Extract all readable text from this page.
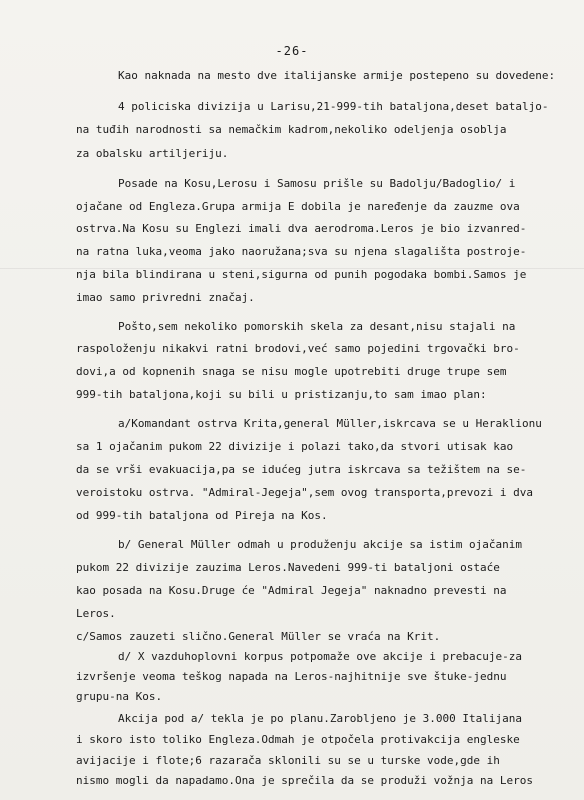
-26-
Kao naknada na mesto dve italijanske armije postepeno su dovedene:
4 policiska divizija u Larisu,21-999-tih bataljona,deset bataljo-
na tuđih narodnosti sa nemačkim kadrom,nekoliko odeljenja osoblja
za obalsku artiljeriju.
Posade na Kosu,Lerosu i Samosu prišle su Badolju/Badoglio/ i
ojačane od Engleza.Grupa armija E dobila je naređenje da zauzme ova
ostrva.Na Kosu su Englezi imali dva aerodroma.Leros je bio izvanred-
na ratna luka,veoma jako naoružana;sva su njena slagališta postroje-
nja bila blindirana u steni,sigurna od punih pogodaka bombi.Samos je
imao samo privredni značaj.
Pošto,sem nekoliko pomorskih skela za desant,nisu stajali na
raspoloženju nikakvi ratni brodovi,već samo pojedini trgovački bro-
dovi,a od kopnenih snaga se nisu mogle upotrebiti druge trupe sem
999-tih bataljona,koji su bili u pristizanju,to sam imao plan:
a/Komandant ostrva Krita,general Müller,iskrcava se u Heraklionu
sa 1 ojačanim pukom 22 divizije i polazi tako,da stvori utisak kao
da se vrši evakuacija,pa se idućeg jutra iskrcava sa težištem na se-
veroistoku ostrva. "Admiral-Jegeja",sem ovog transporta,prevozi i dva
od 999-tih bataljona od Pireja na Kos.
b/ General Müller odmah u produženju akcije sa istim ojačanim
pukom 22 divizije zauzima Leros.Navedeni 999-ti bataljoni ostaće
kao posada na Kosu.Druge će "Admiral Jegeja" naknadno prevesti na
Leros.
c/Samos zauzeti slično.General Müller se vraća na Krit.
d/ X vazduhoplovni korpus potpomaže ove akcije i prebacuje-za
izvršenje veoma teškog napada na Leros-najhitnije sve štuke-jednu
grupu-na Kos.
Akcija pod a/ tekla je po planu.Zarobljeno je 3.000 Italijana
i skoro isto toliko Engleza.Odmah je otpočela protivakcija engleske
avijacije i flote;6 razarača sklonili su se u turske vode,gde ih
nismo mogli da napadamo.Ona je sprečila da se produži vožnja na Leros
